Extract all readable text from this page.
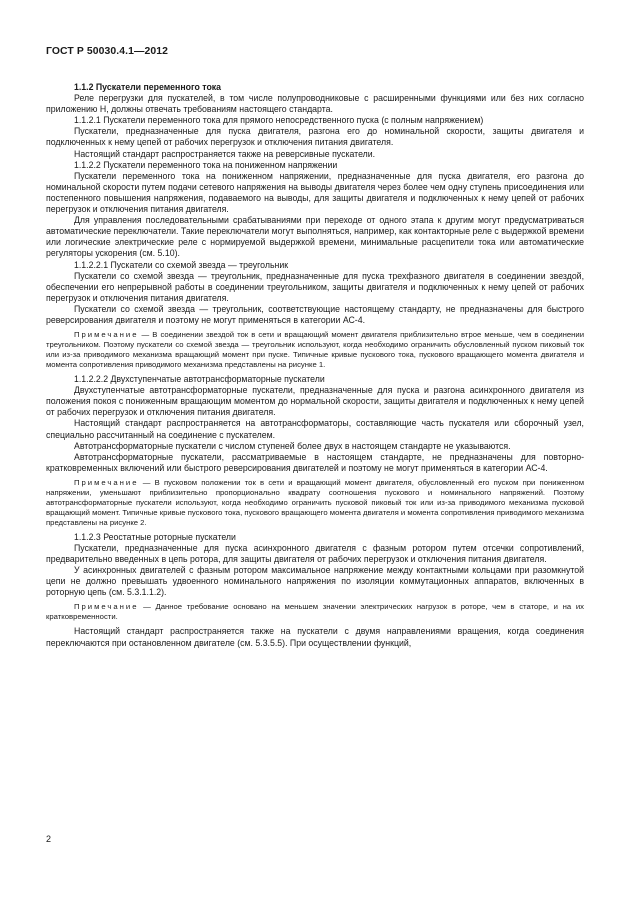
ГОСТ Р 50030.4.1—2012

1.1.2 Пускатели переменного тока

Реле перегрузки для пускателей, в том числе полупроводниковые с расширенными функциями или без них согласно приложению Н, должны отвечать требованиям настоящего стандарта.

1.1.2.1 Пускатели переменного тока для прямого непосредственного пуска (с полным напряжением)

Пускатели, предназначенные для пуска двигателя, разгона его до номинальной скорости, защиты двигателя и подключенных к нему цепей от рабочих перегрузок и отключения питания двигателя.

Настоящий стандарт распространяется также на реверсивные пускатели.

1.1.2.2 Пускатели переменного тока на пониженном напряжении

Пускатели переменного тока на пониженном напряжении, предназначенные для пуска двигателя, его разгона до номинальной скорости путем подачи сетевого напряжения на выводы двигателя через более чем одну ступень присоединения или постепенного повышения напряжения, подаваемого на выводы, для защиты двигателя и подключенных к нему цепей от рабочих перегрузок и отключения питания двигателя.

Для управления последовательными срабатываниями при переходе от одного этапа к другим могут предусматриваться автоматические переключатели. Такие переключатели могут выполняться, например, как контакторные реле с выдержкой времени или логические электрические реле с нормируемой выдержкой времени, минимальные расцепители тока или автоматические регуляторы ускорения (см. 5.10).

1.1.2.2.1 Пускатели со схемой звезда — треугольник

Пускатели со схемой звезда — треугольник, предназначенные для пуска трехфазного двигателя в соединении звездой, обеспечении его непрерывной работы в соединении треугольником, защиты двигателя и подключенных к нему цепей от рабочих перегрузок и отключения питания двигателя.

Пускатели со схемой звезда — треугольник, соответствующие настоящему стандарту, не предназначены для быстрого реверсирования двигателя и поэтому не могут применяться в категории АС-4.

Примечание — В соединении звездой ток в сети и вращающий момент двигателя приблизительно втрое меньше, чем в соединении треугольником. Поэтому пускатели со схемой звезда — треугольник используют, когда необходимо ограничить обусловленный пуском пиковый ток или из-за приводимого механизма вращающий момент при пуске. Типичные кривые пускового тока, пускового вращающего момента двигателя и момента сопротивления приводимого механизма представлены на рисунке 1.

1.1.2.2.2 Двухступенчатые автотрансформаторные пускатели

Двухступенчатые автотрансформаторные пускатели, предназначенные для пуска и разгона асинхронного двигателя из положения покоя с пониженным вращающим моментом до нормальной скорости, защиты двигателя и подключенных к нему цепей от рабочих перегрузок и отключения питания двигателя.

Настоящий стандарт распространяется на автотрансформаторы, составляющие часть пускателя или сборочный узел, специально рассчитанный на соединение с пускателем.

Автотрансформаторные пускатели с числом ступеней более двух в настоящем стандарте не указываются.

Автотрансформаторные пускатели, рассматриваемые в настоящем стандарте, не предназначены для повторно-кратковременных включений или быстрого реверсирования двигателей и поэтому не могут применяться в категории АС-4.

Примечание — В пусковом положении ток в сети и вращающий момент двигателя, обусловленный его пуском при пониженном напряжении, уменьшают приблизительно пропорционально квадрату соотношения пускового и номинального напряжений. Поэтому автотрансформаторные пускатели используют, когда необходимо ограничить пусковой пиковый ток или из-за приводимого механизма пусковой вращающий момент. Типичные кривые пускового тока, пускового вращающего момента двигателя и момента сопротивления приводимого механизма представлены на рисунке 2.

1.1.2.3 Реостатные роторные пускатели

Пускатели, предназначенные для пуска асинхронного двигателя с фазным ротором путем отсечки сопротивлений, предварительно введенных в цепь ротора, для защиты двигателя от рабочих перегрузок и отключения питания двигателя.

У асинхронных двигателей с фазным ротором максимальное напряжение между контактными кольцами при разомкнутой цепи не должно превышать удвоенного номинального напряжения по изоляции коммутационных аппаратов, включенных в роторную цепь (см. 5.3.1.1.2).

Примечание — Данное требование основано на меньшем значении электрических нагрузок в роторе, чем в статоре, и на их кратковременности.

Настоящий стандарт распространяется также на пускатели с двумя направлениями вращения, когда соединения переключаются при остановленном двигателе (см. 5.3.5.5). При осуществлении функций,

2
